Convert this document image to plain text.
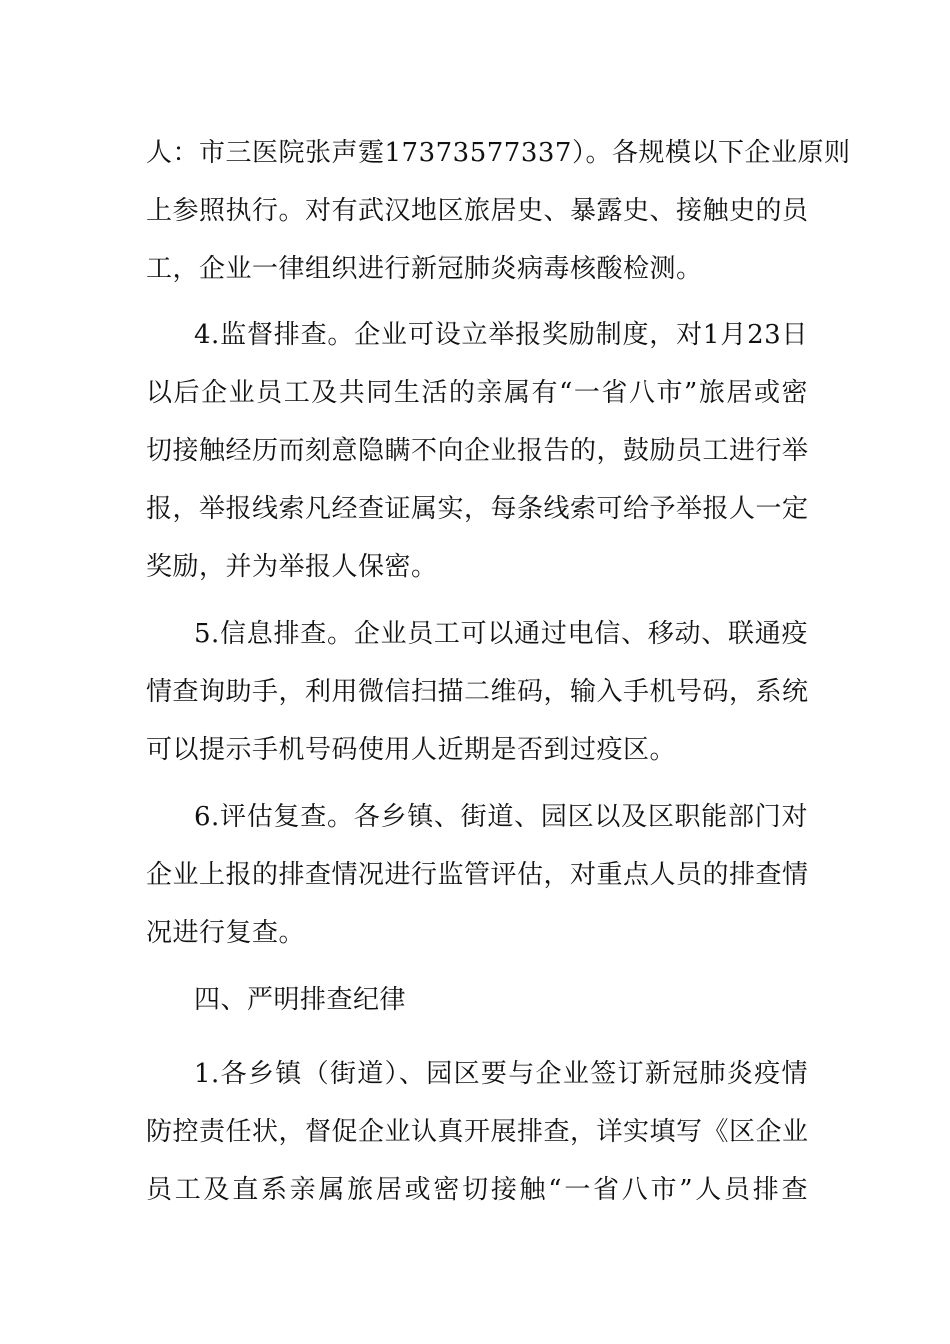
人：市三医院张声霆17373577337）。各规模以下企业原则
上参照执行。对有武汉地区旅居史、暴露史、接触史的员
工，企业一律组织进行新冠肺炎病毒核酸检测。
4.监督排查。企业可设立举报奖励制度，对1月23日
以后企业员工及共同生活的亲属有“一省八市”旅居或密
切接触经历而刻意隐瞒不向企业报告的，鼓励员工进行举
报，举报线索凡经查证属实，每条线索可给予举报人一定
奖励，并为举报人保密。
5.信息排查。企业员工可以通过电信、移动、联通疫
情查询助手，利用微信扫描二维码，输入手机号码，系统
可以提示手机号码使用人近期是否到过疫区。
6.评估复查。各乡镇、街道、园区以及区职能部门对
企业上报的排查情况进行监管评估，对重点人员的排查情
况进行复查。
四、严明排查纪律
1.各乡镇（街道）、园区要与企业签订新冠肺炎疫情
防控责任状，督促企业认真开展排查，详实填写《区企业
员工及直系亲属旅居或密切接触“一省八市”人员排查
